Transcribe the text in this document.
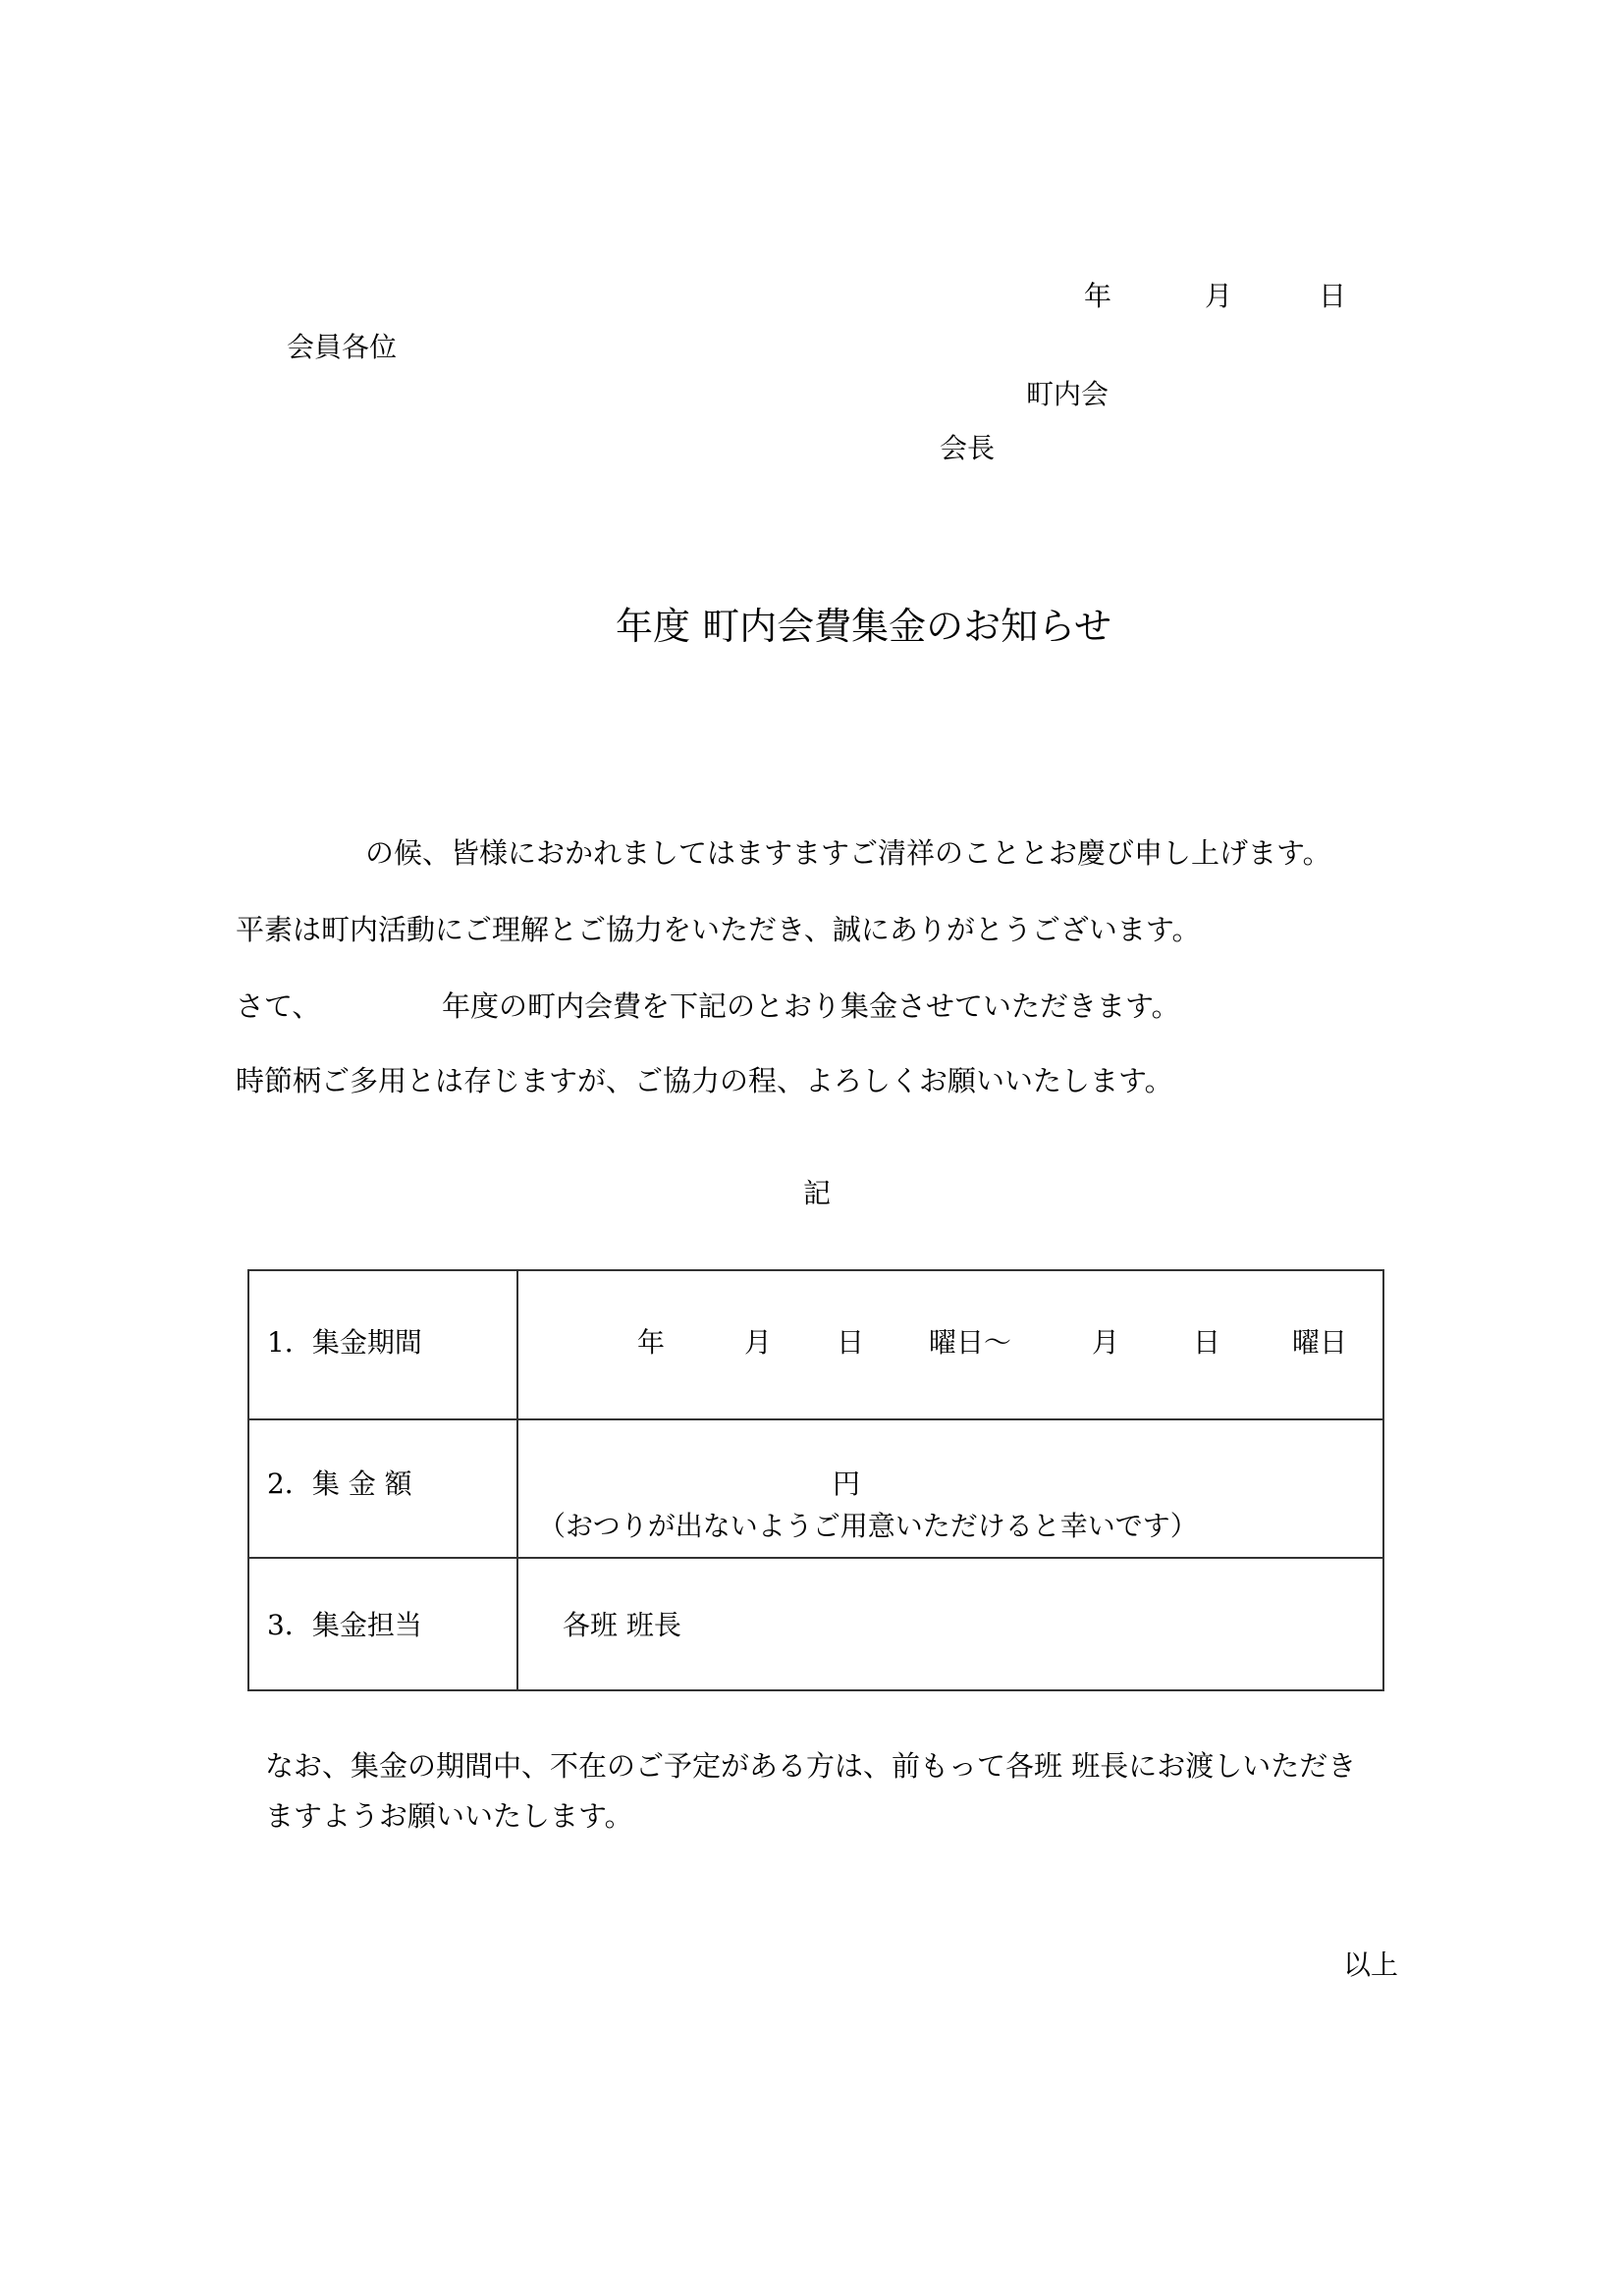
年	月	日
会員各位
町内会
会長
年度 町内会費集金のお知らせ
の候、皆様におかれましてはますますご清祥のこととお慶び申し上げます。
平素は町内活動にご理解とご協力をいただき、誠にありがとうございます。
さて、	年度の町内会費を下記のとおり集金させていただきます。
時節柄ご多用とは存じますが、ご協力の程、よろしくお願いいたします。
記
1．集金期間	年	月 日 曜日～	月	日	曜日
2．集 金 額	円
（おつりが出ないようご用意いただけると幸いです）
3．集金担当	各班 班長
なお、集金の期間中、不在のご予定がある方は、前もって各班 班長にお渡しいただき
ますようお願いいたします。
以上
